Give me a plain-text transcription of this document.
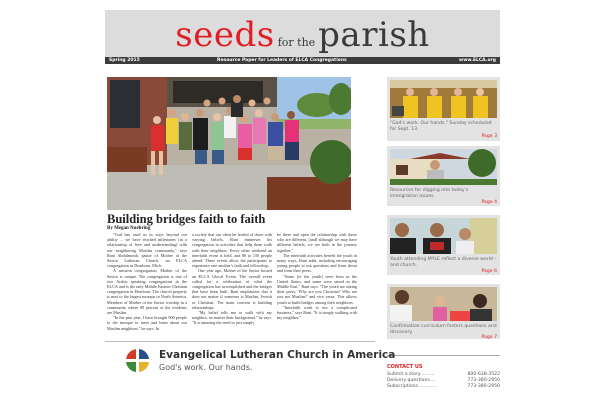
seeds for theparish
Spring 2015	Resource Paper for Leaders of ELCA Congregations	www.ELCA.org
Building bridges faith to faith
By Megan Nuehring

"God has used us in ways beyond our ability ... we have reached milestones [in a relationship of love and understanding] with our neighboring Muslim community," says Rani Abdulmasih, pastor of Mother of the Savior Lutheran Church, an ELCA congregation in Dearborn, Mich.

A mission congregation, Mother of the Savior is unique. The congregation is one of two Arabic speaking congregations in the ELCA and is the only Middle Eastern Christian congregation in Dearborn. The church property is next to the largest mosque in North America. Members of Mother of the Savior worship in a community where 90 percent of the residents are Muslim.

"In the past year, I have brought 900 people to the mosque to meet and learn about our Muslim neighbors," he says. In

a society that can often be fearful of those with varying beliefs, Rani immerses his congregation in activities that help them walk with their neighbors. Every other weekend an interfaith event is held, and 80 to 150 people attend. These events allow the participants to experience one another's faith and fellowship.

One year ago, Mother of the Savior hosted an ELCA Glocal Event. The overall event called for a celebration of what the congregation has accomplished and the bridges that have been built. Rani emphasizes that it does not matter if someone is Muslim, Jewish or Christian. The main concern is building relationships.

"My belief tells me to walk with my neighbor, no matter their background," he says. "It is amazing the need to just simply

be there and open the relationship with those who are different, [and] although we may have different beliefs, we are both in the journey together."

The interfaith activities benefit the youth in many ways, Rani adds, including encouraging young people to ask questions and learn about and from their peers.

"Some [of the youth] were born in the United States, and some were raised in the Middle East," Rani says. "The youth are asking their peers, 'Why are you Christian? Why are you not Muslim?' and vice versa. This allows youth to build bridges among their neighbors.

"Interfaith work is not a complicated business," says Rani. "It is simply walking with my neighbor."

"God's work. Our hands." Sunday scheduled for Sept. 13.
Page 3
Resources for digging into today's immigration issues.
Page 4
Youth attending MYLE reflect a diverse world – and church.
Page 6
Confirmation curriculum fosters questions and discovery.
Page 7
Evangelical Lutheran Church in America
God's work. Our hands.	CONTACT US
Submit a story..........	800-638-3522
Delivery questions....	773-380-2950
Subscriptions.............	773-380-2950
